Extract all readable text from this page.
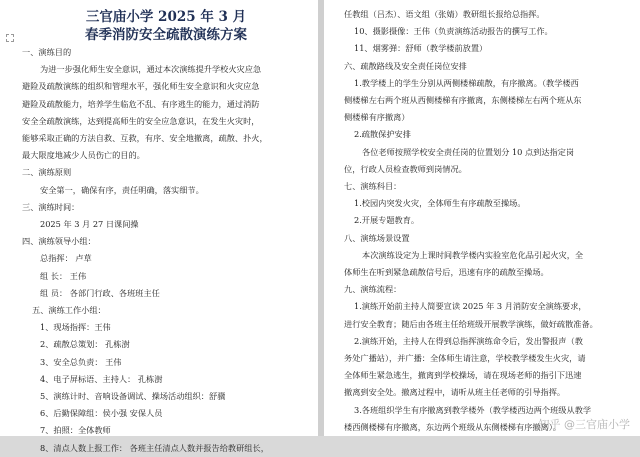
三官庙小学 2025 年 3 月
春季消防安全疏散演练方案
一、演练目的
为进一步强化师生安全意识，通过本次演练提升学校火灾应急
避险及疏散演练的组织和管理水平，强化师生安全意识和火灾应急
避险及疏散能力，培养学生临危不乱、有序逃生的能力，通过消防
安全全疏散演练，达到提高师生的安全应急意识，在发生火灾时，
能够采取正确的方法自救、互救，有序、安全地撤离，疏散、扑火，
最大限度地减少人员伤亡的目的。
二、演练原则
安全第一，确保有序，责任明确，落实细节。
三、演练时间：
2025 年 3 月 27 日课间操
四、演练领导小组：
总指挥： 卢草
组 长： 王伟
组 员： 各部门行政、各班班主任
五、演练工作小组：
1、现场指挥：王伟
2、疏散总策划： 孔栋澍
3、安全总负责： 王伟
4、电子屏标语、主持人： 孔栋澍
5、演练计时、音响设备调试、操场活动组织：舒骥
6、后勤保障组：侯小强 安保人员
7、拍照：全体教师
8、清点人数上报工作： 各班主任清点人数并报告给教研组长，
任教组（吕杰）、语文组（张婧）教研组长报给总指挥。
10、摄影摄像：王伟（负责演练活动报告的撰写工作。
11、烟雾弹：舒师（教学楼前放置）
六、疏散路线及安全责任岗位安排
1.教学楼上的学生分别从两侧楼梯疏散，有序撤离。（教学楼西
侧楼梯左右两个班从西侧楼梯有序撤离，东侧楼梯左右两个班从东
侧楼梯有序撤离）
2.疏散保护安排
各位老师按照学校安全责任岗的位置划分 10 点到达指定岗
位，行政人员检查教师到岗情况。
七、演练科目：
1.校园内突发火灾，全体师生有序疏散至操场。
2.开展专题教育。
八、演练场景设置
本次演练设定为上课时间教学楼内实验室危化品引起火灾，全
体师生在听到紧急疏散信号后，迅速有序的疏散至操场。
九、演练流程：
1.演练开始前主持人简要宣读 2025 年 3 月消防安全演练要求，
进行安全教育；随后由各班主任给班级开展教学演练，做好疏散准备。
2.演练开始，主持人在得到总指挥演练命令后，发出警报声（教
务处广播站），并广播：全体师生请注意，学校教学楼发生火灾，请
全体师生紧急逃生，撤离到学校操场，请在现场老师的指引下迅速
撤离到安全处。撤离过程中，请听从班主任老师的引导指挥。
3.各班组织学生有序撤离到教学楼外（教学楼西边两个班级从教学
楼西侧楼梯有序撤离，东边两个班级从东侧楼梯有序撤离）。
知乎 @三官庙小学
